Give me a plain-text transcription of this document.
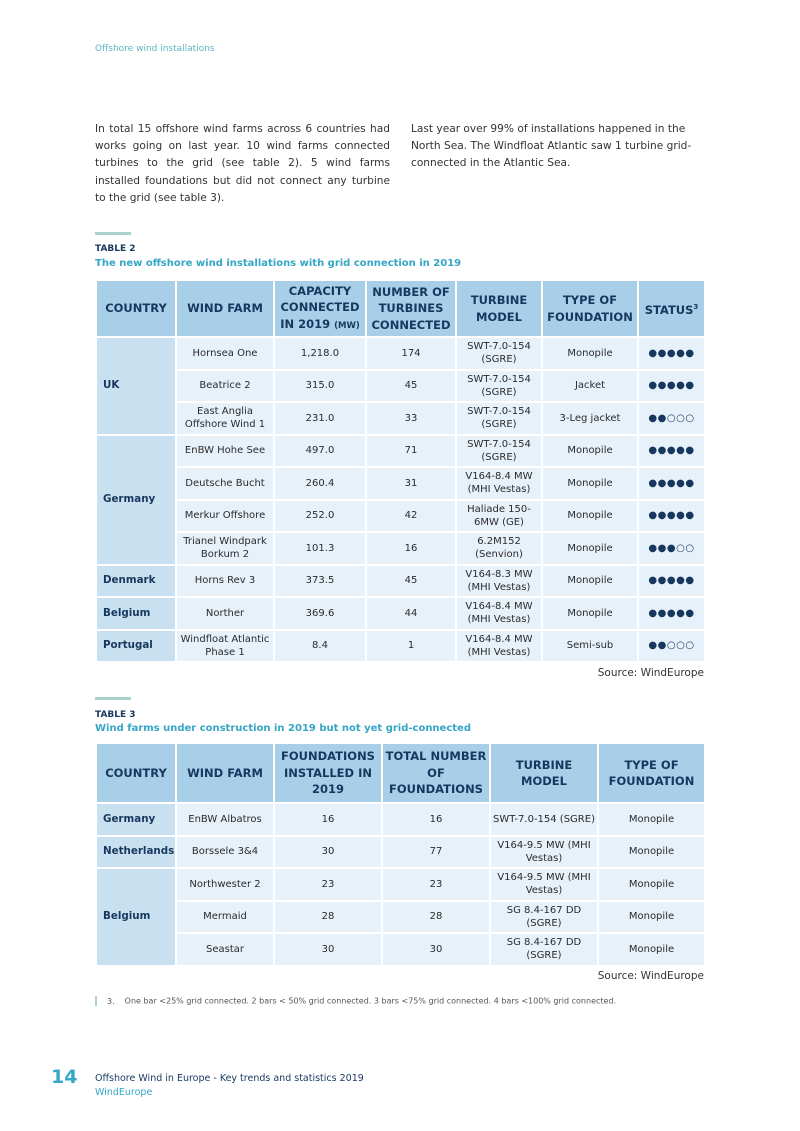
Offshore wind installations

In total 15 offshore wind farms across 6 countries had works going on last year. 10 wind farms connected turbines to the grid (see table 2). 5 wind farms installed foundations but did not connect any turbine to the grid (see table 3).

Last year over 99% of installations happened in the North Sea. The Windfloat Atlantic saw 1 turbine grid-connected in the Atlantic Sea.

TABLE 2
The new offshore wind installations with grid connection in 2019
COUNTRY	WIND FARM	CAPACITY CONNECTED IN 2019 (MW)	NUMBER OF TURBINES CONNECTED	TURBINE MODEL	TYPE OF FOUNDATION	STATUS$^3$
UK	Hornsea One	1,218.0	174	SWT-7.0-154 (SGRE)	Monopile	●●●●●
	Beatrice 2	315.0	45	SWT-7.0-154 (SGRE)	Jacket	●●●●●
	East Anglia Offshore Wind 1	231.0	33	SWT-7.0-154 (SGRE)	3-Leg jacket	●●○○○
Germany	EnBW Hohe See	497.0	71	SWT-7.0-154 (SGRE)	Monopile	●●●●●
	Deutsche Bucht	260.4	31	V164-8.4 MW (MHI Vestas)	Monopile	●●●●●
	Merkur Offshore	252.0	42	Haliade 150-6MW (GE)	Monopile	●●●●●
	Trianel Windpark Borkum 2	101.3	16	6.2M152 (Senvion)	Monopile	●●●○○
Denmark	Horns Rev 3	373.5	45	V164-8.3 MW (MHI Vestas)	Monopile	●●●●●
Belgium	Norther	369.6	44	V164-8.4 MW (MHI Vestas)	Monopile	●●●●●
Portugal	Windfloat Atlantic Phase 1	8.4	1	V164-8.4 MW (MHI Vestas)	Semi-sub	●●○○○
Source: WindEurope
TABLE 3
Wind farms under construction in 2019 but not yet grid-connected
COUNTRY	WIND FARM	FOUNDATIONS INSTALLED IN 2019	TOTAL NUMBER OF FOUNDATIONS	TURBINE MODEL	TYPE OF FOUNDATION
Germany	EnBW Albatros	16	16	SWT-7.0-154 (SGRE)	Monopile
Netherlands	Borssele 3&4	30	77	V164-9.5 MW (MHI Vestas)	Monopile
Belgium	Northwester 2	23	23	V164-9.5 MW (MHI Vestas)	Monopile
	Mermaid	28	28	SG 8.4-167 DD (SGRE)	Monopile
	Seastar	30	30	SG 8.4-167 DD (SGRE)	Monopile
Source: WindEurope
3. One bar <25% grid connected. 2 bars < 50% grid connected. 3 bars <75% grid connected. 4 bars <100% grid connected.
14 Offshore Wind in Europe - Key trends and statistics 2019
WindEurope
